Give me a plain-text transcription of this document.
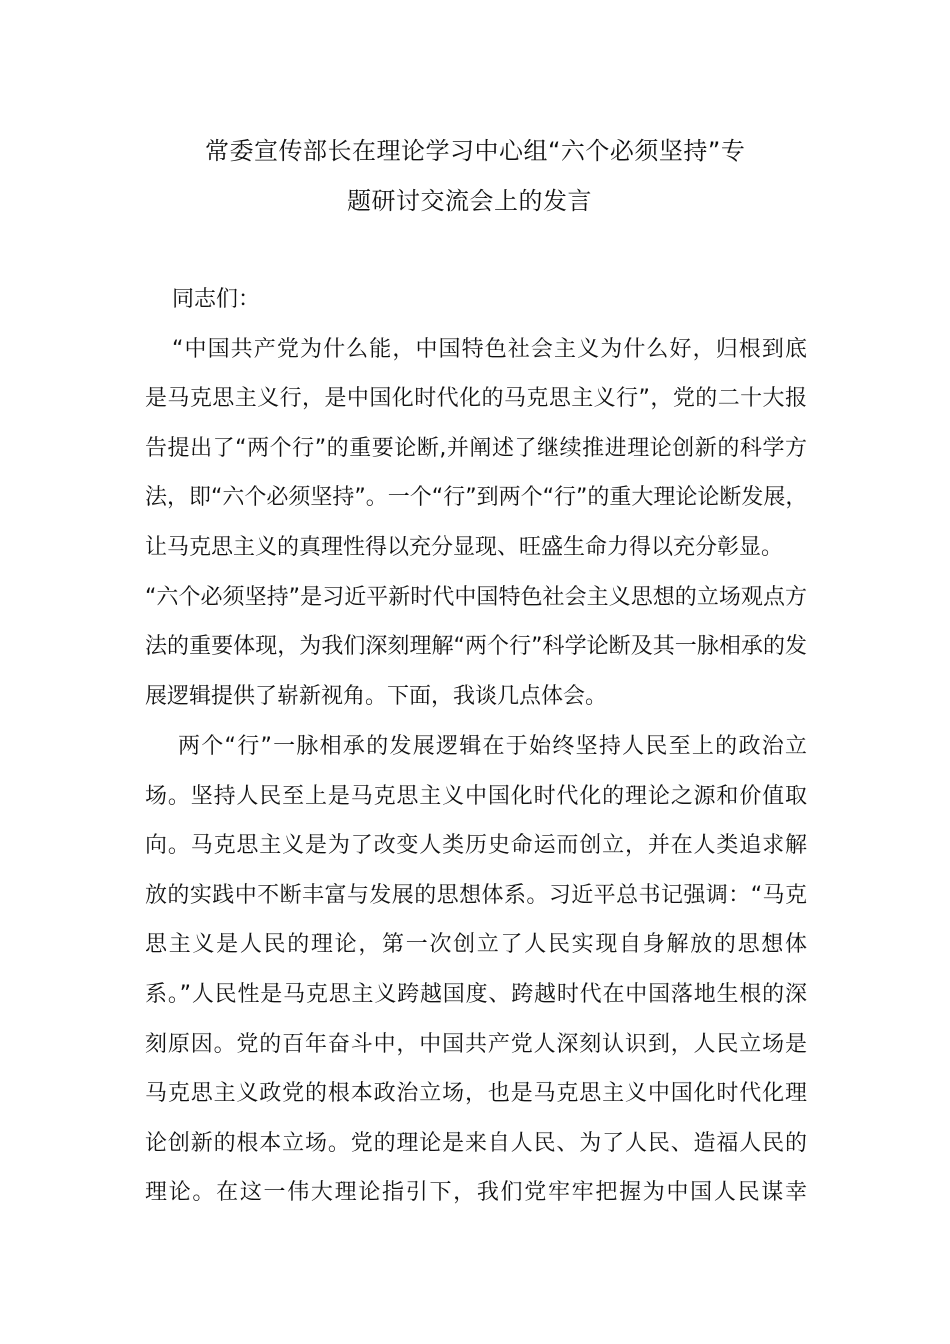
常委宣传部长在理论学习中心组“六个必须坚持”专
题研讨交流会上的发言
同志们：
“中国共产党为什么能，中国特色社会主义为什么好，归根到底
是马克思主义行，是中国化时代化的马克思主义行”，党的二十大报
告提出了“两个行”的重要论断,并阐述了继续推进理论创新的科学方
法，即“六个必须坚持”。一个“行”到两个“行”的重大理论论断发展，
让马克思主义的真理性得以充分显现、旺盛生命力得以充分彰显。
“六个必须坚持”是习近平新时代中国特色社会主义思想的立场观点方
法的重要体现，为我们深刻理解“两个行”科学论断及其一脉相承的发
展逻辑提供了崭新视角。下面，我谈几点体会。
两个“行”一脉相承的发展逻辑在于始终坚持人民至上的政治立
场。坚持人民至上是马克思主义中国化时代化的理论之源和价值取
向。马克思主义是为了改变人类历史命运而创立，并在人类追求解
放的实践中不断丰富与发展的思想体系。习近平总书记强调：“马克
思主义是人民的理论，第一次创立了人民实现自身解放的思想体
系。”人民性是马克思主义跨越国度、跨越时代在中国落地生根的深
刻原因。党的百年奋斗中，中国共产党人深刻认识到，人民立场是
马克思主义政党的根本政治立场，也是马克思主义中国化时代化理
论创新的根本立场。党的理论是来自人民、为了人民、造福人民的
理论。在这一伟大理论指引下，我们党牢牢把握为中国人民谋幸
